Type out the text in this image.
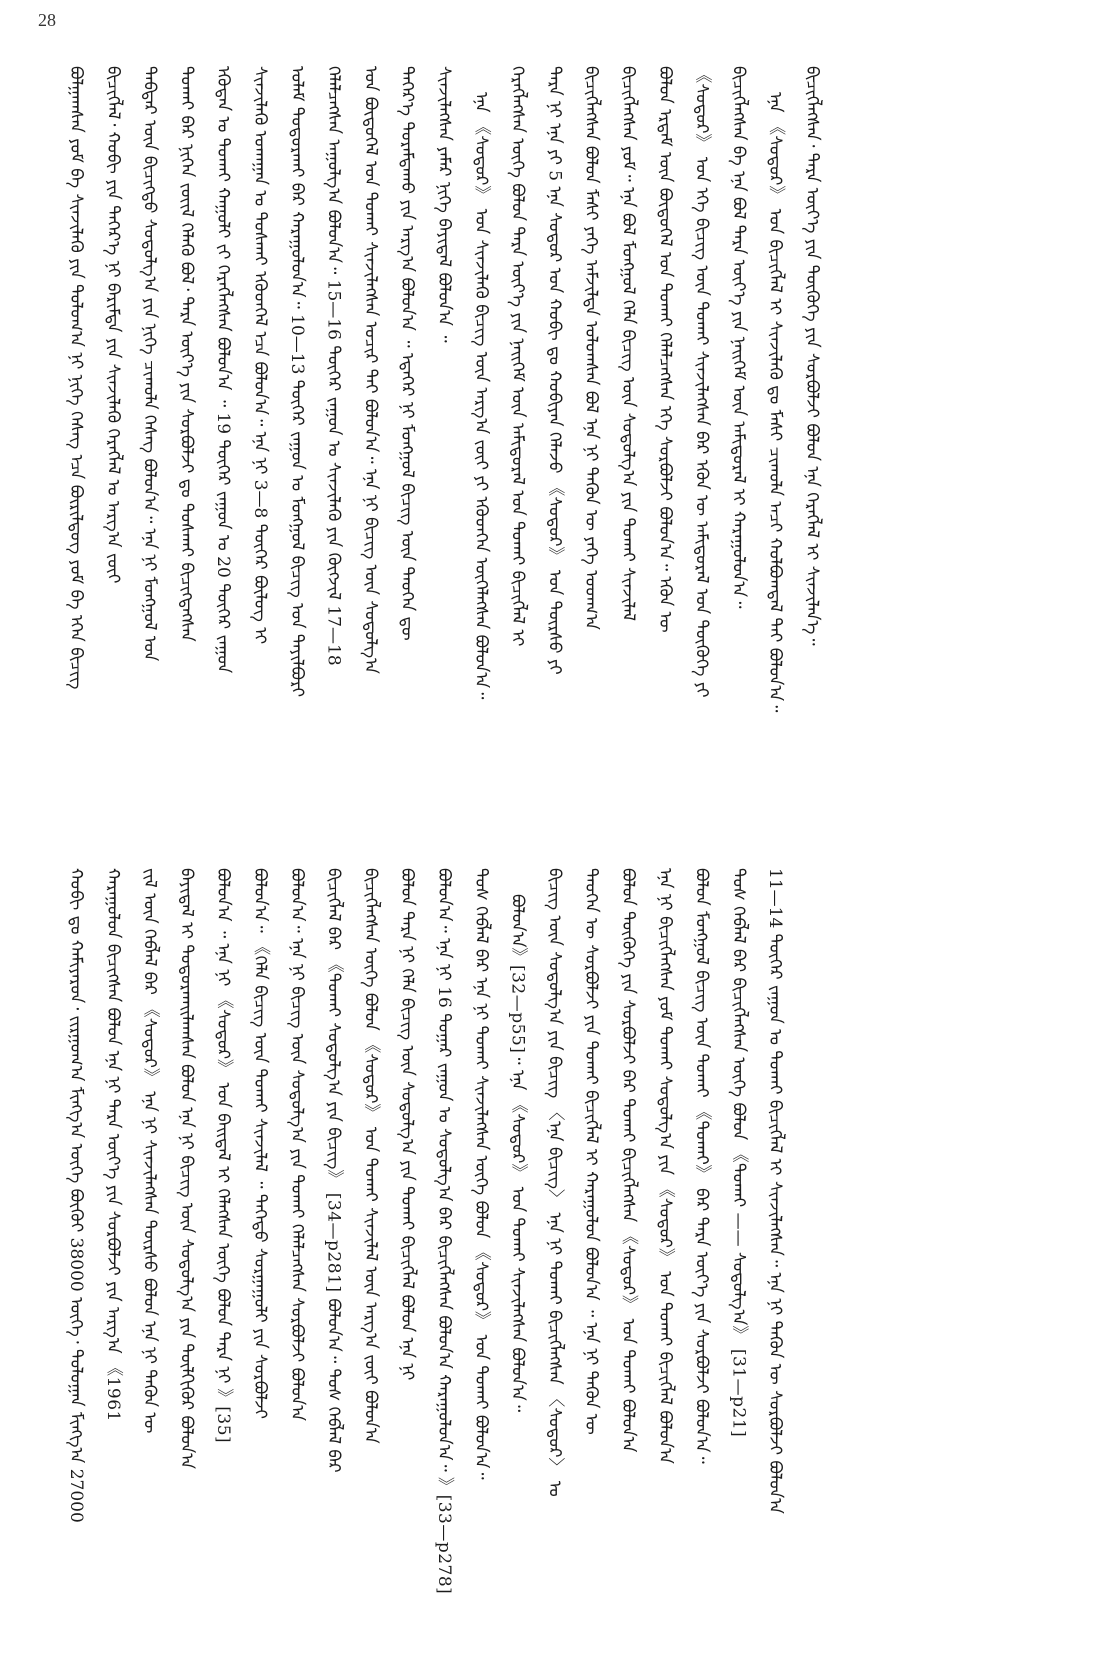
28
ᠪᠣᠯᠭᠠᠭᠰᠠᠨ ᠶᠤᠮ ᠪᠠ ᠰᠢᠨᠵᠢᠯᠡᠬᠦ ᠶᠢᠨ ᠳᠣᠯᠣᠭ᠎ᠠ ᠨᠢ ᠨᠢᠭᠡ ᠬᠡᠰᠡᠭ ᠡᠴᠡ ᠪᠦᠷᠢᠯᠳᠦᠭ ᠶᠤᠮ ᠪᠠ ᠡᠬᠡᠨ ᠪᠢᠴᠢᠭ ᠪᠢᠴᠢᠭᠯᠡᠯ᠂ ᠬᠤᠪᠢ ᠶᠢᠨ ᠳᠡᠭᠡᠷ᠎ᠡ ᠨᠢ ᠪᠠᠷᠢᠮᠲᠠ ᠶᠢᠨ ᠰᠢᠨᠵᠢᠯᠡᠬᠦ ᠬᠡᠷᠡᠭᠯᠡᠯ ᠤ ᠠᠷᠭ᠎ᠠ ᠵᠦᠢ ᠳᠡᠪᠲᠡᠷ ᠦᠨ ᠪᠢᠴᠢᠭᠲᠦ ᠰᠤᠳᠤᠯᠭ᠎ᠠ ᠶᠢᠨ ᠨᠢᠭᠡ ᠴᠢᠬᠤᠯᠠ ᠬᠡᠰᠡᠭ ᠪᠣᠯᠤᠨ᠎ᠠ᠃ ᠡᠨᠡ ᠨᠢ ᠮᠣᠩᠭᠣᠯ ᠤᠨ ᠲᠤᠬᠠᠢ ᠪᠠᠷ ᠨᠢᠭᠡᠨ ᠵᠦᠢᠯ ᠬᠡᠯᠡᠬᠦ ᠪᠣᠯ᠂ ᠲᠡᠷᠡ ᠦᠶ᠎ᠡ ᠶᠢᠨ ᠰᠤᠷᠪᠤᠯᠵᠢ ᠳᠤ ᠲᠤᠰᠬᠠᠢ ᠪᠢᠴᠢᠭᠳᠡᠭᠰᠡᠨ ᠡᠭᠦᠳᠡᠨ ᠤ ᠲᠤᠬᠠᠢ ᠬᠠᠭᠤᠯᠢ ᠵᠢ ᠬᠡᠷᠡᠭᠯᠡᠭᠰᠡᠨ ᠪᠣᠯᠤᠨ᠎ᠠ ᠃ 19 ᠳᠦᠭᠡᠷ ᠵᠠᠭᠤᠨ ᠤ 20 ᠳᠦᠭᠡᠷ ᠵᠠᠭᠤᠨ ᠰᠢᠨᠵᠢᠯᠡᠬᠦ ᠤᠬᠠᠭᠠᠨ ᠤ ᠲᠤᠰᠬᠠᠢ ᠡᠭᠦᠳᠬᠡᠯ ᠡᠴᠡ ᠪᠣᠯᠤᠨ᠎ᠠ᠃ ᠡᠨᠡ ᠨᠢ 3—8 ᠳᠦᠭᠡᠷ ᠪᠦᠯᠦᠭ ᠢ ᠤᠯᠠᠮ ᠲᠣᠳᠤᠷᠬᠠᠢ ᠪᠠᠷ ᠬᠠᠷᠠᠭᠤᠯᠤᠨ᠎ᠠ᠃ 10—13 ᠳᠦᠭᠡᠷ ᠵᠠᠭᠤᠨ ᠤ ᠮᠣᠩᠭᠣᠯ ᠪᠢᠴᠢᠭ ᠤᠨ ᠲᠠᠶᠢᠯᠪᠤᠷᠢ ᠬᠡᠯᠡᠯᠴᠡᠭᠰᠡᠨ ᠠᠭᠤᠯᠭ᠎ᠠ ᠪᠣᠯᠤᠨ᠎ᠠ᠃ 15—16 ᠳᠦᠭᠡᠷ ᠵᠠᠭᠤᠨ ᠤ ᠰᠢᠨᠵᠢᠯᠡᠬᠦ ᠶᠢᠨ ᠬᠥᠭᠵᠢᠯ 17—18 ᠤᠨ ᠪᠦᠲᠦᠭᠡᠯ ᠤᠨ ᠲᠤᠬᠠᠢ ᠰᠢᠨᠵᠢᠯᠡᠭᠰᠡᠨ ᠤᠴᠢᠷ ᠲᠠᠢ ᠪᠣᠯᠤᠨ᠎ᠠ᠃ ᠡᠨᠡ ᠨᠢ ᠪᠢᠴᠢᠭ ᠦᠨ ᠰᠤᠳᠤᠯᠭ᠎ᠠ ᠳᠡᠭᠡᠷ᠎ᠡ ᠳᠤᠷᠠᠮᠳᠠᠬᠤ ᠶᠢᠨ ᠠᠷᠭ᠎ᠠ ᠪᠣᠯᠤᠨ᠎ᠠ ᠃ ᠡᠳᠡᠭᠡᠷ ᠨᠢ ᠮᠣᠩᠭᠣᠯ ᠪᠢᠴᠢᠭ ᠦᠨ ᠲᠡᠦᠬᠡᠨ ᠳᠦ ᠰᠢᠨᠵᠢᠯᠡᠭᠰᠡᠨ ᠶᠠᠮᠠᠷ ᠨᠢᠭᠡ ᠪᠠᠶᠢᠳᠠᠯ ᠪᠣᠯᠤᠨ᠎ᠠ ᠃ ᠡᠨᠡ 《ᠰᠤᠳᠤᠷ》 ᠤᠨ ᠰᠢᠨᠵᠢᠯᠡᠬᠦ ᠪᠢᠴᠢᠭ ᠦᠨ ᠠᠷᠭ᠎ᠠ ᠵᠦᠢ ᠶᠢ ᠡᠭᠦᠳᠬᠡᠨ ᠦᠭᠡᠯᠡᠭᠰᠡᠨ ᠪᠣᠯᠤᠨ᠎ᠠ᠃ ᠬᠡᠷᠡᠭᠯᠡᠭᠰᠡᠨ ᠦᠭᠡ ᠪᠣᠯᠤᠨ ᠲᠡᠷᠡ ᠦᠶ᠎ᠡ ᠶᠢᠨ ᠨᠡᠢᠭᠡᠮ ᠦᠨ ᠠᠮᠢᠳᠤᠷᠠᠯ ᠤᠨ ᠲᠤᠬᠠᠢ ᠪᠢᠴᠢᠭᠯᠡᠯ ᠢ ᠲᠡᠷᠡ ᠨᠢ ᠡᠨᠡ ᠶᠢ 5 ᠡᠨᠡ ᠰᠤᠳᠤᠷ ᠤᠨ ᠬᠤᠪᠢ ᠳᠤ ᠬᠤᠪᠢᠶᠠᠨ ᠬᠡᠯᠡᠵᠦ 《ᠰᠤᠳᠤᠷ》 ᠤᠨ ᠳᠦᠷᠰᠦ ᠶᠢ ᠪᠢᠴᠢᠭᠯᠡᠭᠰᠡᠨ ᠪᠣᠯᠤᠨ ᠮᠠᠰᠢ ᠶᠡᠬᠡ ᠠᠮᠵᠢᠯᠲᠠ ᠣᠯᠤᠭᠰᠠᠨ ᠪᠣᠯ ᠡᠨᠡ ᠨᠢ ᠲᠡᠭᠦᠨ ᠦ ᠶᠡᠬᠡ ᠤᠳᠬ᠎ᠠ ᠪᠢᠴᠢᠭᠯᠡᠭᠰᠡᠨ ᠶᠤᠮ᠃ ᠡᠨᠡ ᠪᠣᠯ ᠮᠣᠩᠭᠣᠯ ᠬᠡᠯᠡ ᠪᠢᠴᠢᠭ ᠦᠨ ᠰᠤᠳᠤᠯᠭ᠎ᠠ ᠶᠢᠨ ᠲᠤᠬᠠᠢ ᠰᠢᠨᠵᠢᠯᠡᠯ ᠪᠣᠯᠤᠨ ᠡᠷᠳᠡᠮ ᠦᠨ ᠪᠦᠲᠦᠭᠡᠯ ᠤᠨ ᠲᠤᠬᠠᠢ ᠬᠡᠯᠡᠯᠴᠡᠭᠰᠡᠨ ᠡᠬᠡ ᠰᠤᠷᠪᠤᠯᠵᠢ ᠪᠣᠯᠤᠨ᠎ᠠ᠃ ᠡᠭᠦᠨ ᠦ 《ᠰᠤᠳᠤᠷ》 ᠤᠨ ᠡᠬᠡ ᠪᠢᠴᠢᠭ ᠦᠨ ᠲᠤᠬᠠᠢ ᠰᠢᠨᠵᠢᠯᠡᠭᠰᠡᠨ ᠪᠠᠷ ᠡᠭᠦᠨ ᠦ ᠠᠮᠢᠳᠤᠷᠠᠯ ᠤᠨ ᠲᠦᠭᠦᠬᠡ ᠶᠢ ᠪᠢᠴᠢᠭᠯᠡᠭᠰᠡᠨ ᠪᠠ ᠡᠨᠡ ᠪᠣᠯ ᠲᠡᠷᠡ ᠦᠶ᠎ᠡ ᠶᠢᠨ ᠨᠡᠢᠭᠡᠮ ᠦᠨ ᠠᠮᠢᠳᠤᠷᠠᠯ ᠢ ᠬᠠᠷᠠᠭᠤᠯᠤᠨ᠎ᠠ᠃ ᠡᠨᠡ 《ᠰᠤᠳᠤᠷ》 ᠤᠨ ᠪᠢᠴᠢᠭᠯᠡᠯ ᠢ ᠰᠢᠨᠵᠢᠯᠡᠬᠦ ᠳᠤ ᠮᠠᠰᠢ ᠴᠢᠬᠤᠯᠠ ᠠᠴᠢ ᠬᠣᠯᠪᠣᠭᠳᠠᠯ ᠲᠠᠢ ᠪᠣᠯᠤᠨ᠎ᠠ᠃ ᠪᠢᠴᠢᠭᠯᠡᠭᠰᠡᠨ᠂ ᠲᠡᠷᠡ ᠦᠶ᠎ᠡ ᠶᠢᠨ ᠲᠦᠭᠦᠬᠡ ᠶᠢᠨ ᠰᠤᠷᠪᠤᠯᠵᠢ ᠪᠣᠯᠤᠨ ᠡᠨᠡ ᠬᠡᠷᠡᠭᠯᠡᠯ ᠢ ᠰᠢᠨᠵᠢᠯᠡᠨ᠎ᠡ᠃
ᠬᠤᠪᠢ ᠳᠤ ᠬᠠᠮᠢᠶᠠᠷᠤᠨ᠂ ᠵᠢᠷᠭᠤᠭ᠎ᠠ ᠮᠢᠩᠭ᠎ᠠ ᠦᠭᠡ ᠪᠦᠬᠦᠢ 38000 ᠦᠭᠡ᠂ ᠳᠣᠯᠣᠭᠠᠨ ᠮᠢᠩᠭ᠎ᠠ 27000 ᠬᠠᠷᠠᠭᠤᠯᠤᠨ ᠪᠢᠴᠢᠭᠰᠡᠨ ᠪᠣᠯᠤᠨ ᠡᠨᠡ ᠨᠢ ᠲᠡᠷᠡ ᠦᠶ᠎ᠡ ᠶᠢᠨ ᠰᠤᠷᠪᠤᠯᠵᠢ ᠶᠢᠨ ᠠᠷᠭ᠎ᠠ 《1961 ᠵᠢᠯ ᠦᠨ ᠬᠡᠪᠯᠡᠯ ᠪᠠᠷ 《ᠰᠤᠳᠤᠷ》 ᠡᠨᠡ ᠨᠢ ᠰᠢᠨᠵᠢᠯᠡᠭᠰᠡᠨ ᠳᠦᠷᠰᠦ ᠪᠣᠯᠤᠨ ᠡᠨᠡ ᠨᠢ ᠲᠡᠭᠦᠨ ᠦ ᠪᠠᠶᠢᠳᠠᠯ ᠢ ᠲᠣᠳᠤᠷᠬᠠᠢᠯᠠᠭᠰᠠᠨ ᠪᠣᠯᠤᠨ ᠡᠨᠡ ᠨᠢ ᠪᠢᠴᠢᠭ ᠦᠨ ᠰᠤᠳᠤᠯᠭ᠎ᠠ ᠶᠢᠨ ᠲᠦᠯᠬᠢᠭᠦᠷ ᠪᠣᠯᠤᠨ᠎ᠠ ᠪᠣᠯᠤᠨ᠎ᠠ ᠃ ᠡᠨᠡ ᠨᠢ 《ᠰᠤᠳᠤᠷ》 ᠤᠨ ᠪᠠᠢᠳᠠᠯ ᠢ ᠬᠡᠯᠡᠭᠰᠡᠨ ᠦᠭᠡ ᠪᠣᠯᠤᠨ ᠲᠡᠷᠡ ᠨᠢ 》[35] ᠪᠣᠯᠤᠨ᠎ᠠ᠃ 《ᠬᠡᠯᠡ ᠪᠢᠴᠢᠭ ᠦᠨ ᠲᠤᠬᠠᠢ ᠰᠢᠨᠵᠢᠯᠡᠯ ᠃ ᠳᠡᠭᠡᠳᠦ ᠰᠤᠷᠭᠠᠭᠤᠯᠢ ᠶᠢᠨ ᠰᠤᠷᠪᠤᠯᠵᠢ ᠪᠣᠯᠤᠨ᠎ᠠ᠃ ᠡᠨᠡ ᠨᠢ ᠪᠢᠴᠢᠭ ᠦᠨ ᠰᠤᠳᠤᠯᠭ᠎ᠠ ᠶᠢᠨ ᠲᠤᠬᠠᠢ ᠬᠡᠯᠡᠯᠴᠡᠭᠰᠡᠨ ᠰᠤᠷᠪᠤᠯᠵᠢ ᠪᠣᠯᠤᠨ᠎ᠠ ᠪᠢᠴᠢᠭᠯᠡᠯ ᠪᠠᠷ 《ᠲᠤᠬᠠᠢ ᠰᠤᠳᠤᠯᠭ᠎ᠠ ᠶᠢᠨ ᠪᠢᠴᠢᠭ》 [34—p281] ᠪᠣᠯᠤᠨ᠎ᠠ᠃ ᠲᠤᠰ ᠬᠡᠪᠯᠡᠯ ᠪᠠᠷ ᠪᠢᠴᠢᠭᠯᠡᠭᠰᠡᠨ ᠦᠭᠡ ᠪᠣᠯᠤᠨ 《ᠰᠤᠳᠤᠷ》 ᠤᠨ ᠲᠤᠬᠠᠢ ᠰᠢᠨᠵᠢᠯᠡᠯ ᠦᠨ ᠠᠷᠭ᠎ᠠ ᠵᠦᠢ ᠪᠣᠯᠤᠨ᠎ᠠ ᠪᠣᠯᠤᠨ ᠲᠡᠷᠡ ᠨᠢ ᠬᠡᠯᠡ ᠪᠢᠴᠢᠭ ᠦᠨ ᠰᠤᠳᠤᠯᠭ᠎ᠠ ᠶᠢᠨ ᠲᠤᠬᠠᠢ ᠪᠢᠴᠢᠭᠯᠡᠯ ᠪᠣᠯᠤᠨ ᠡᠨᠡ ᠨᠢ ᠪᠣᠯᠤᠨ᠎ᠠ᠃ ᠡᠨᠡ ᠨᠢ 16 ᠳᠤᠭᠠᠷ ᠵᠠᠭᠤᠨ ᠤ ᠰᠤᠳᠤᠯᠭ᠎ᠠ ᠪᠠᠷ ᠪᠢᠴᠢᠭᠯᠡᠭᠰᠡᠨ ᠪᠣᠯᠤᠨ᠎ᠠ ᠬᠠᠷᠠᠭᠤᠯᠤᠨ᠎ᠠ᠃ 》[33—p278] ᠲᠤᠰ ᠬᠡᠪᠯᠡᠯ ᠪᠠᠷ ᠡᠨᠡ ᠨᠢ ᠲᠤᠬᠠᠢ ᠰᠢᠨᠵᠢᠯᠡᠭᠰᠡᠨ ᠦᠭᠡ ᠪᠣᠯᠤᠨ 《ᠰᠤᠳᠤᠷ》 ᠤᠨ ᠲᠤᠬᠠᠢ ᠪᠣᠯᠤᠨ᠎ᠠ᠃ ᠪᠣᠯᠤᠨ᠎ᠠ》[32—p55]᠃ ᠡᠨᠡ 《ᠰᠤᠳᠤᠷ》 ᠤᠨ ᠲᠤᠬᠠᠢ ᠰᠢᠨᠵᠢᠯᠡᠭᠰᠡᠨ ᠪᠣᠯᠤᠨ᠎ᠠ᠃ ᠪᠢᠴᠢᠭ ᠦᠨ ᠰᠤᠳᠤᠯᠭ᠎ᠠ ᠶᠢᠨ ᠪᠢᠴᠢᠭ 〈ᠡᠨᠡ ᠪᠢᠴᠢᠭ〉 ᠡᠨᠡ ᠨᠢ ᠲᠤᠬᠠᠢ ᠪᠢᠴᠢᠭᠯᠡᠭᠰᠡᠨ 〈ᠰᠤᠳᠤᠷ〉 ᠤ ᠲᠡᠦᠬᠡᠨ ᠦ ᠰᠤᠷᠪᠤᠯᠵᠢ ᠶᠢᠨ ᠲᠤᠬᠠᠢ ᠪᠢᠴᠢᠭᠯᠡᠯ ᠢ ᠬᠠᠷᠠᠭᠤᠯᠤᠨ ᠪᠣᠯᠤᠨ᠎ᠠ ᠃ ᠡᠨᠡ ᠨᠢ ᠲᠡᠭᠦᠨ ᠦ ᠪᠣᠯᠤᠨ ᠲᠦᠭᠦᠬᠡ ᠶᠢᠨ ᠰᠤᠷᠪᠤᠯᠵᠢ ᠪᠠᠷ ᠲᠤᠬᠠᠢ ᠪᠢᠴᠢᠭᠯᠡᠭᠰᠡᠨ 《ᠰᠤᠳᠤᠷ》 ᠤᠨ ᠲᠤᠬᠠᠢ ᠪᠣᠯᠤᠨ᠎ᠠ ᠡᠨᠡ ᠨᠢ ᠪᠢᠴᠢᠭᠯᠡᠭᠰᠡᠨ ᠶᠤᠮ ᠲᠤᠬᠠᠢ ᠰᠤᠳᠤᠯᠭ᠎ᠠ ᠶᠢᠨ 《ᠰᠤᠳᠤᠷ》 ᠤᠨ ᠲᠤᠬᠠᠢ ᠪᠢᠴᠢᠭᠯᠡᠯ ᠪᠣᠯᠤᠨ᠎ᠠ ᠪᠣᠯᠤᠨ ᠮᠣᠩᠭᠣᠯ ᠪᠢᠴᠢᠭ ᠦᠨ ᠲᠤᠬᠠᠢ 《ᠲᠤᠬᠠᠢ》 ᠪᠠᠷ ᠲᠡᠷᠡ ᠦᠶ᠎ᠡ ᠶᠢᠨ ᠰᠤᠷᠪᠤᠯᠵᠢ ᠪᠣᠯᠤᠨ᠎ᠠ᠃ ᠲᠤᠰ ᠬᠡᠪᠯᠡᠯ ᠪᠠᠷ ᠪᠢᠴᠢᠭᠯᠡᠭᠰᠡᠨ ᠦᠭᠡ ᠪᠣᠯᠤᠨ 《ᠲᠤᠬᠠᠢ —— ᠰᠤᠳᠤᠯᠭ᠎ᠠ》 [31—p21] 11—14 ᠳᠦᠭᠡᠷ ᠵᠠᠭᠤᠨ ᠤ ᠲᠤᠬᠠᠢ ᠪᠢᠴᠢᠭᠯᠡᠯ ᠢ ᠰᠢᠨᠵᠢᠯᠡᠭᠰᠡᠨ᠃ ᠡᠨᠡ ᠨᠢ ᠲᠡᠭᠦᠨ ᠦ ᠰᠤᠷᠪᠤᠯᠵᠢ ᠪᠣᠯᠤᠨ᠎ᠠ
